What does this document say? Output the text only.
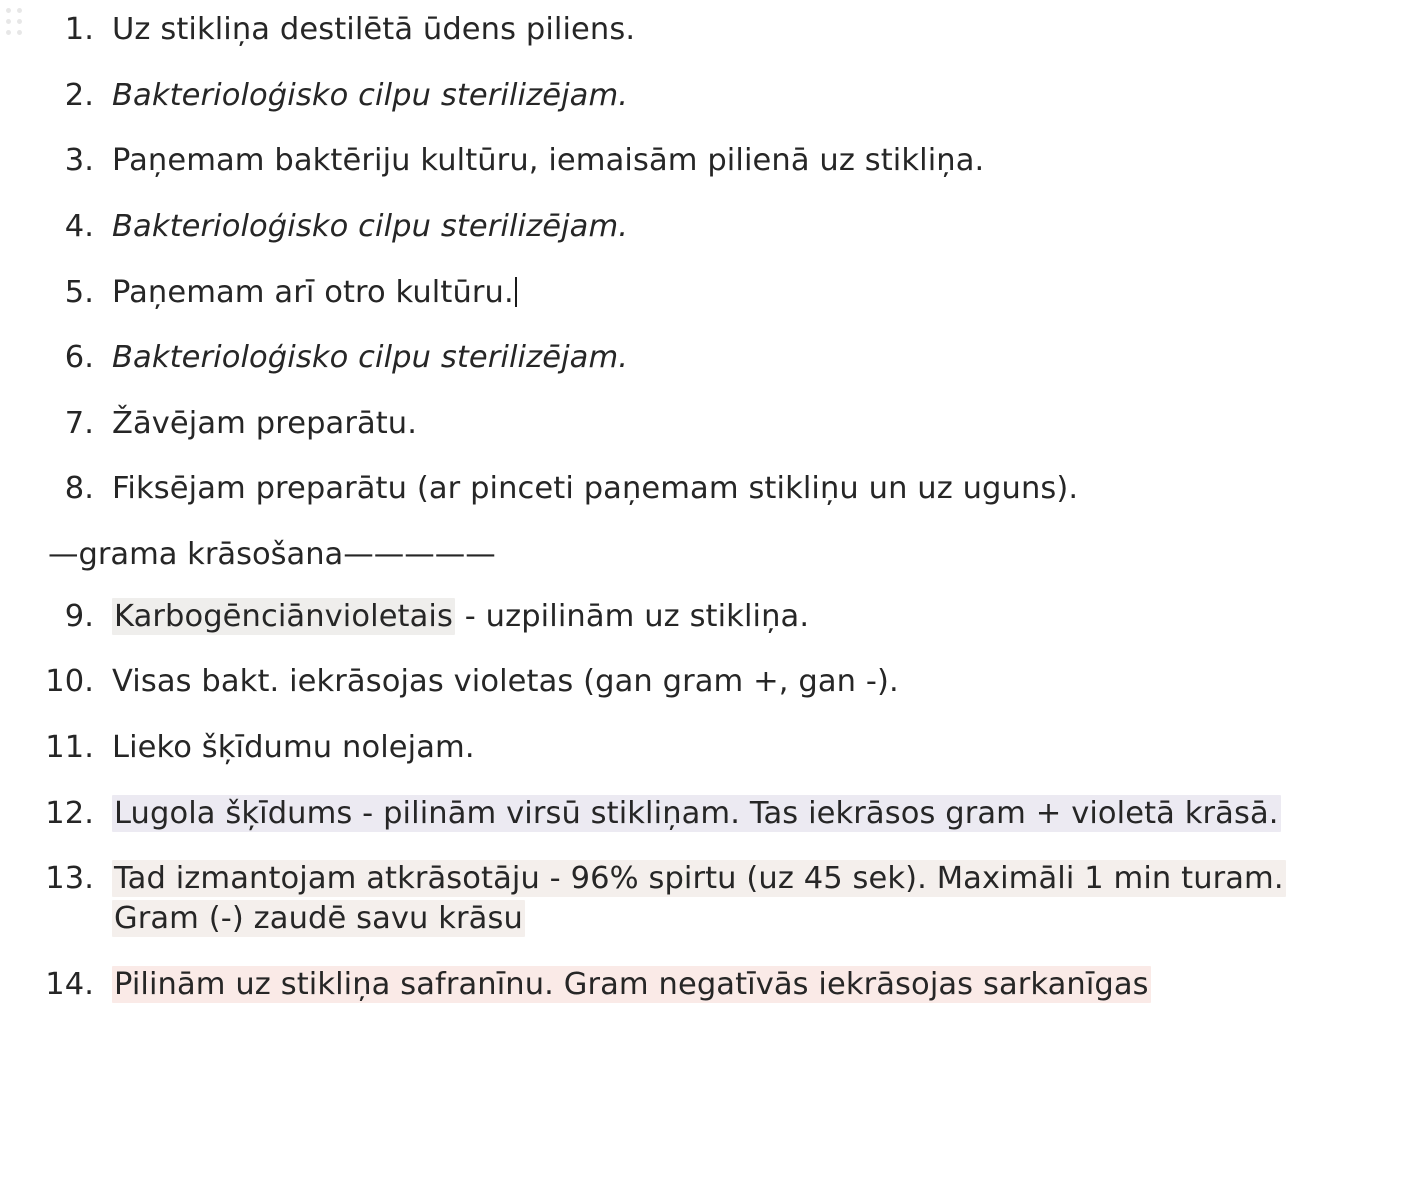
1. Uz stikliņa destilētā ūdens piliens.
2. Bakterioloģisko cilpu sterilizējam.
3. Paņemam baktēriju kultūru, iemaisām pilienā uz stikliņa.
4. Bakterioloģisko cilpu sterilizējam.
5. Paņemam arī otro kultūru.
6. Bakterioloģisko cilpu sterilizējam.
7. Žāvējam preparātu.
8. Fiksējam preparātu (ar pinceti paņemam stikliņu un uz uguns).

—grama krāsošana—————

9. Karbogēnciānvioletais - uzpilinām uz stikliņa.
10. Visas bakt. iekrāsojas violetas (gan gram +, gan -).
11. Lieko šķīdumu nolejam.
12. Lugola šķīdums - pilinām virsū stikliņam. Tas iekrāsos gram + violetā krāsā.
13. Tad izmantojam atkrāsotāju - 96% spirtu (uz 45 sek). Maximāli 1 min turam.
Gram (-) zaudē savu krāsu
14. Pilinām uz stikliņa safranīnu. Gram negatīvās iekrāsojas sarkanīgas
